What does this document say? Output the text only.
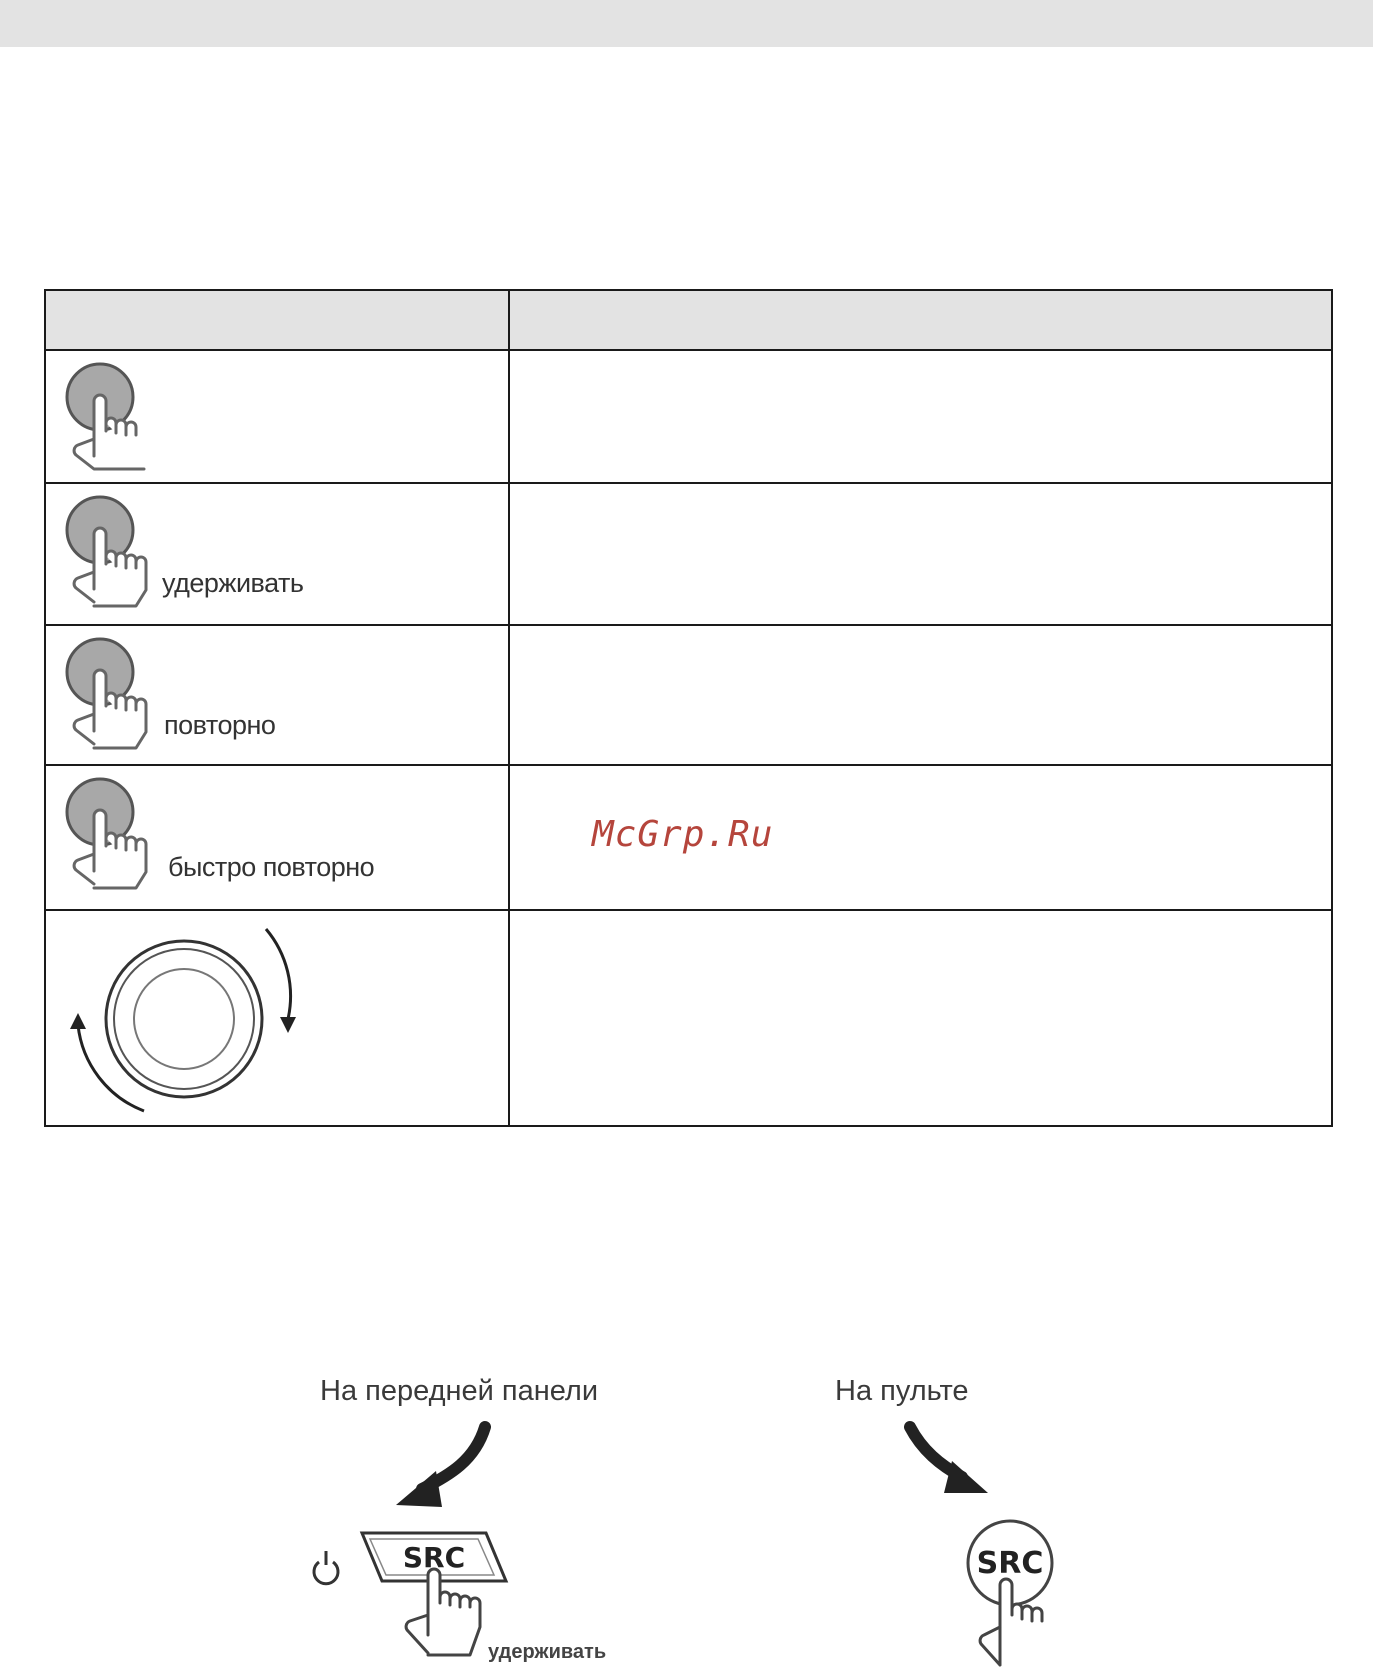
удерживать	

повторно	

быстро повторно	

McGrp.Ru
На передней панели	На пульте
SRC	SRC
удерживать
